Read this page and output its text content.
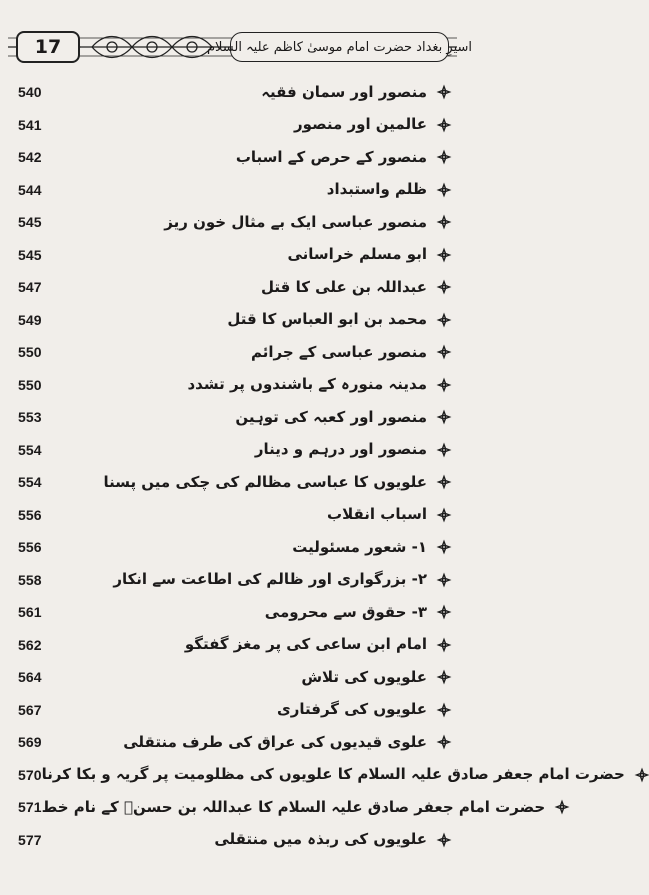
17	اسیرِ بغداد حضرت امام موسیٰ کاظم علیہ السلام
540	منصور اور سمان فقیہ
541	عالمین اور منصور
542	منصور کے حرص کے اسباب
544	ظلم واستبداد
545	منصور عباسی ایک بے مثال خون ریز
545	ابو مسلم خراسانی
547	عبداللہ بن علی کا قتل
549	محمد بن ابو العباس کا قتل
550	منصور عباسی کے جرائم
550	مدینہ منورہ کے باشندوں پر تشدد
553	منصور اور کعبہ کی توہین
554	منصور اور درہم و دینار
554	علویوں کا عباسی مظالم کی چکی میں پسنا
556	اسباب انقلاب
556	۱- شعور مسئولیت
558	۲- بزرگواری اور ظالم کی اطاعت سے انکار
561	۳- حقوق سے محرومی
562	امام ابن ساعی کی پر مغز گفتگو
564	علویوں کی تلاش
567	علویوں کی گرفتاری
569	علوی قیدیوں کی عراق کی طرف منتقلی
570 حضرت امام جعفر صادق علیہ السلام کا علویوں کی مظلومیت پر گریہ و بکا کرنا
571 حضرت امام جعفر صادق علیہ السلام کا عبداللہ بن حسنؑ کے نام خط
577	علویوں کی ربذہ میں منتقلی
